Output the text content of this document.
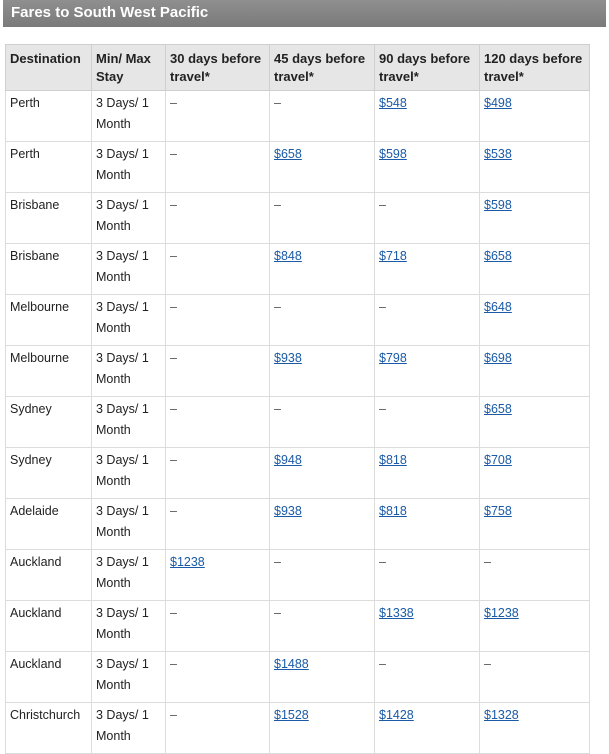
Fares to South West Pacific
Destination	Min/ Max Stay	30 days before travel*	45 days before travel*	90 days before travel*	120 days before travel*
Perth	3 Days/ 1 Month	–	–	$548	$498
Perth	3 Days/ 1 Month	–	$658	$598	$538
Brisbane	3 Days/ 1 Month	–	–	–	$598
Brisbane	3 Days/ 1 Month	–	$848	$718	$658
Melbourne	3 Days/ 1 Month	–	–	–	$648
Melbourne	3 Days/ 1 Month	–	$938	$798	$698
Sydney	3 Days/ 1 Month	–	–	–	$658
Sydney	3 Days/ 1 Month	–	$948	$818	$708
Adelaide	3 Days/ 1 Month	–	$938	$818	$758
Auckland	3 Days/ 1 Month	$1238	–	–	–
Auckland	3 Days/ 1 Month	–	–	$1338	$1238
Auckland	3 Days/ 1 Month	–	$1488	–	–
Christchurch	3 Days/ 1 Month	–	$1528	$1428	$1328
